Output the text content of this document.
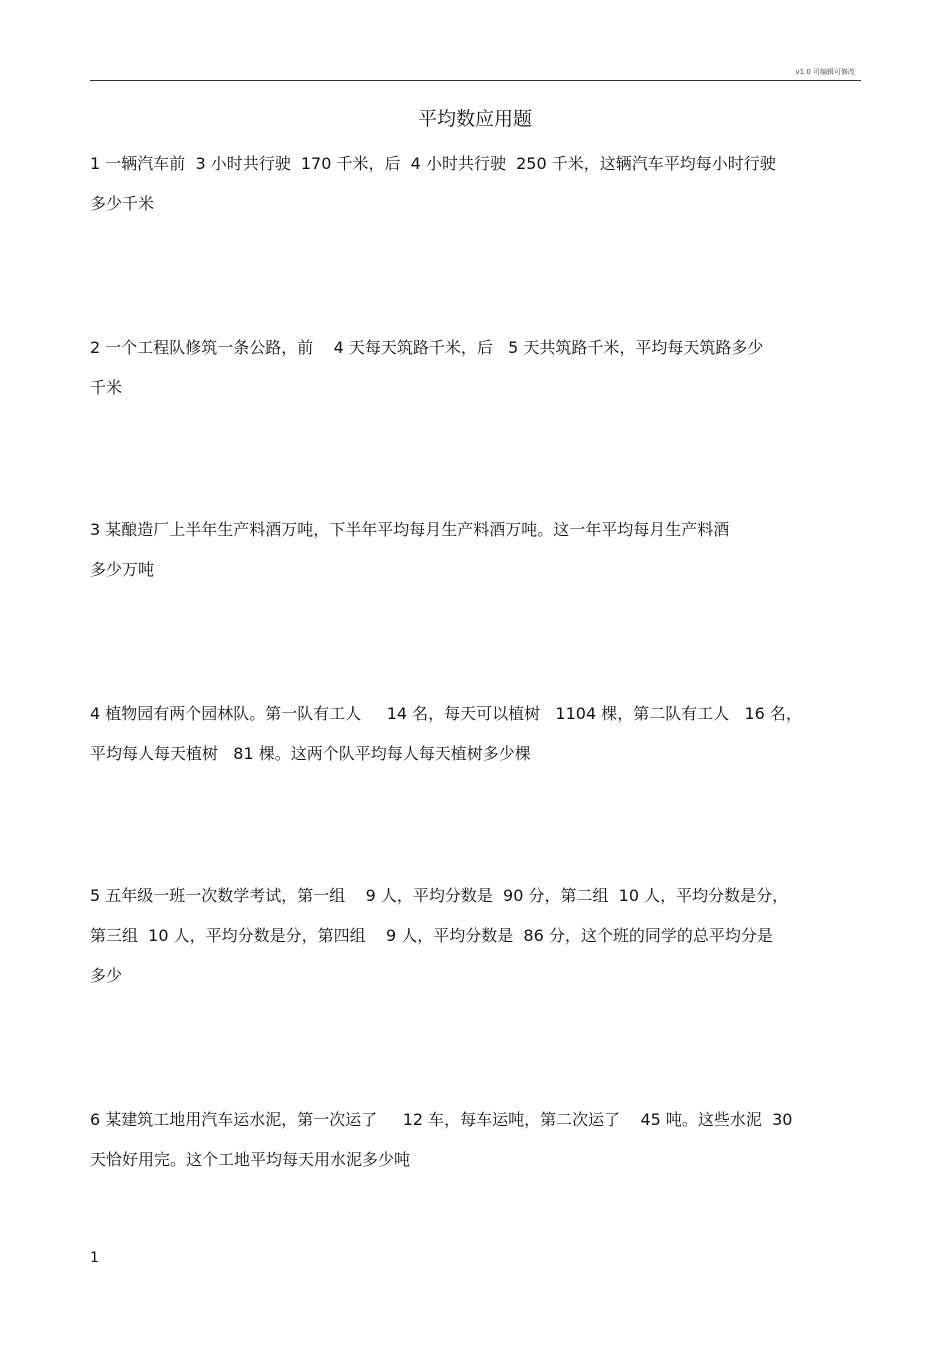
v1.0 可编辑可修改
平均数应用题
1 一辆汽车前  3 小时共行驶  170 千米，后  4 小时共行驶  250 千米，这辆汽车平均每小时行驶
多少千米
2 一个工程队修筑一条公路，前    4 天每天筑路千米，后   5 天共筑路千米，平均每天筑路多少
千米
3 某酿造厂上半年生产料酒万吨，下半年平均每月生产料酒万吨。这一年平均每月生产料酒
多少万吨
4 植物园有两个园林队。第一队有工人     14 名，每天可以植树   1104 棵，第二队有工人   16 名，
平均每人每天植树   81 棵。这两个队平均每人每天植树多少棵
5 五年级一班一次数学考试，第一组    9 人，平均分数是  90 分，第二组  10 人，平均分数是分，
第三组  10 人，平均分数是分，第四组    9 人，平均分数是  86 分，这个班的同学的总平均分是
多少
6 某建筑工地用汽车运水泥，第一次运了     12 车，每车运吨，第二次运了    45 吨。这些水泥  30
天恰好用完。这个工地平均每天用水泥多少吨
1
